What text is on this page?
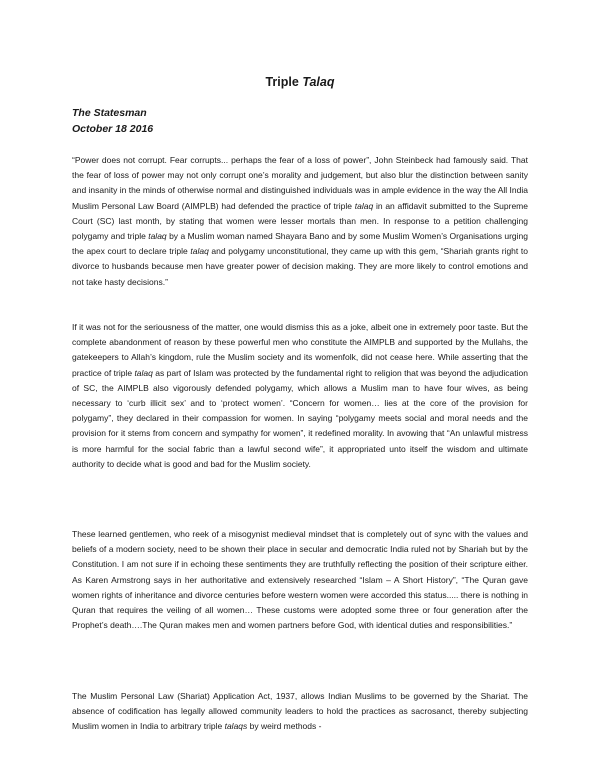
Triple Talaq

The Statesman

October 18 2016

“Power does not corrupt. Fear corrupts... perhaps the fear of a loss of power”, John Steinbeck had famously said. That the fear of loss of power may not only corrupt one’s morality and judgement, but also blur the distinction between sanity and insanity in the minds of otherwise normal and distinguished individuals was in ample evidence in the way the All India Muslim Personal Law Board (AIMPLB) had defended the practice of triple talaq in an affidavit submitted to the Supreme Court (SC) last month, by stating that women were lesser mortals than men. In response to a petition challenging polygamy and triple talaq by a Muslim woman named Shayara Bano and by some Muslim Women’s Organisations urging the apex court to declare triple talaq and polygamy unconstitutional, they came up with this gem, “Shariah grants right to divorce to husbands because men have greater power of decision making. They are more likely to control emotions and not take hasty decisions.”

If it was not for the seriousness of the matter, one would dismiss this as a joke, albeit one in extremely poor taste. But the complete abandonment of reason by these powerful men who constitute the AIMPLB and supported by the Mullahs, the gatekeepers to Allah’s kingdom, rule the Muslim society and its womenfolk, did not cease here. While asserting that the practice of triple talaq as part of Islam was protected by the fundamental right to religion that was beyond the adjudication of SC, the AIMPLB also vigorously defended polygamy, which allows a Muslim man to have four wives, as being necessary to ‘curb illicit sex’ and to ‘protect women’. “Concern for women… lies at the core of the provision for polygamy”, they declared in their compassion for women. In saying “polygamy meets social and moral needs and the provision for it stems from concern and sympathy for women”, it redefined morality. In avowing that “An unlawful mistress is more harmful for the social fabric than a lawful second wife”, it appropriated unto itself the wisdom and ultimate authority to decide what is good and bad for the Muslim society.

These learned gentlemen, who reek of a misogynist medieval mindset that is completely out of sync with the values and beliefs of a modern society, need to be shown their place in secular and democratic India ruled not by Shariah but by the Constitution. I am not sure if in echoing these sentiments they are truthfully reflecting the position of their scripture either. As Karen Armstrong says in her authoritative and extensively researched “Islam – A Short History”, “The Quran gave women rights of inheritance and divorce centuries before western women were accorded this status..... there is nothing in Quran that requires the veiling of all women… These customs were adopted some three or four generation after the Prophet’s death….The Quran makes men and women partners before God, with identical duties and responsibilities.”

The Muslim Personal Law (Shariat) Application Act, 1937, allows Indian Muslims to be governed by the Shariat. The absence of codification has legally allowed community leaders to hold the practices as sacrosanct, thereby subjecting Muslim women in India to arbitrary triple talaqs by weird methods -
